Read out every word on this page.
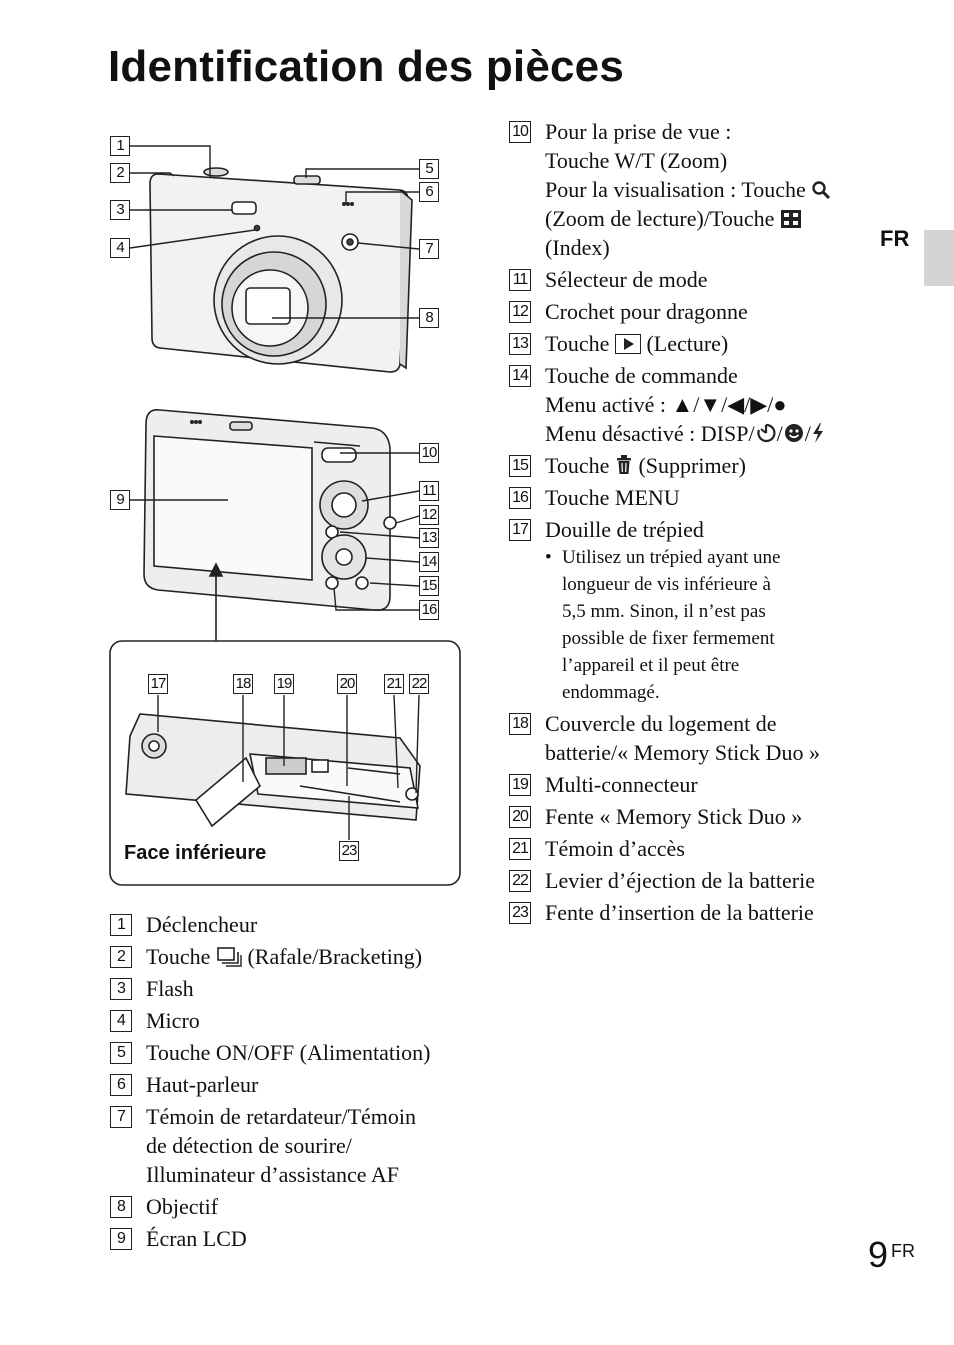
Identification des pièces
FR
1
2
3
4
5
6
7
8
9
10
11
12
13
14
15
16
17	18 19	20 21 22
23
Face inférieure
1 Déclencheur
2 Touche  (Rafale/Bracketing)
3 Flash
4 Micro
5 Touche ON/OFF (Alimentation)
6 Haut-parleur
7 Témoin de retardateur/Témoin
de détection de sourire/
Illuminateur d’assistance AF
8 Objectif
9 Écran LCD
10 Pour la prise de vue :
Touche W/T (Zoom)
Pour la visualisation : Touche
(Zoom de lecture)/Touche
(Index)
11 Sélecteur de mode
12 Crochet pour dragonne
13 Touche  (Lecture)
14 Touche de commande
Menu activé : ▲/▼/◀/▶/●
Menu désactivé : DISP/ / /
15 Touche  (Supprimer)
16 Touche MENU
17 Douille de trépied
• Utilisez un trépied ayant une
longueur de vis inférieure à
5,5 mm. Sinon, il n’est pas
possible de fixer fermement
l’appareil et il peut être
endommagé.
18 Couvercle du logement de
batterie/« Memory Stick Duo »
19 Multi-connecteur
20 Fente « Memory Stick Duo »
21 Témoin d’accès
22 Levier d’éjection de la batterie
23 Fente d’insertion de la batterie
9 FR
